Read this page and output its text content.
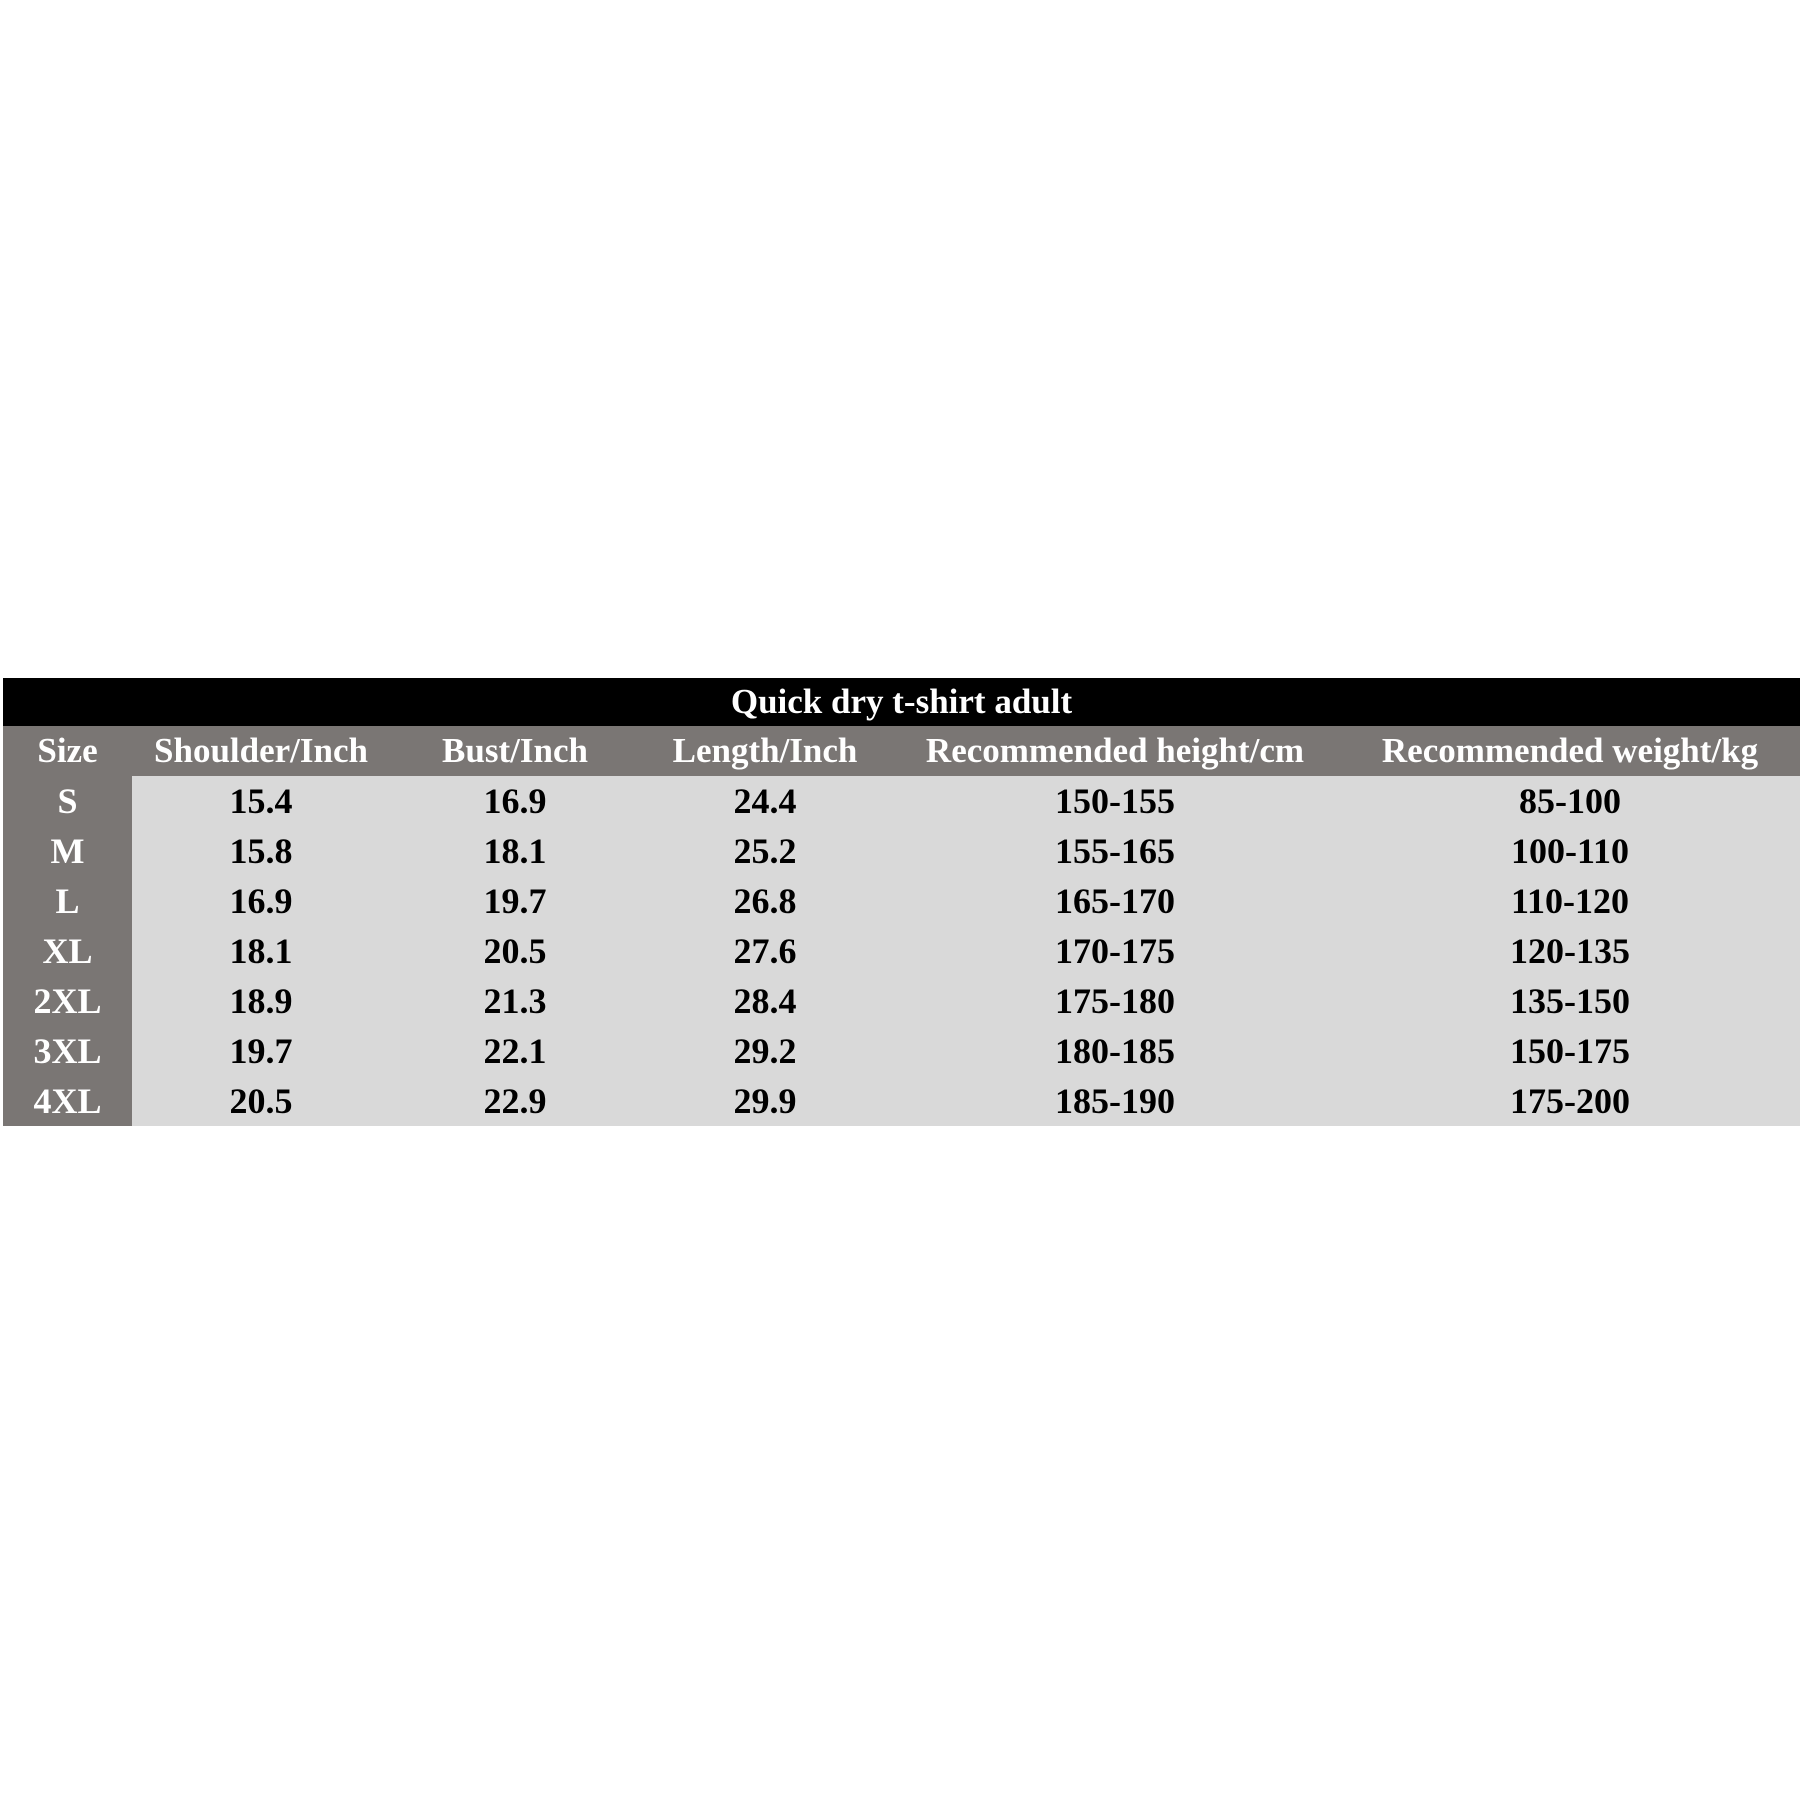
Quick dry t-shirt adult
Size	Shoulder/Inch	Bust/Inch	Length/Inch	Recommended height/cm	Recommended weight/kg
S	15.4	16.9	24.4	150-155	85-100
M	15.8	18.1	25.2	155-165	100-110
L	16.9	19.7	26.8	165-170	110-120
XL	18.1	20.5	27.6	170-175	120-135
2XL	18.9	21.3	28.4	175-180	135-150
3XL	19.7	22.1	29.2	180-185	150-175
4XL	20.5	22.9	29.9	185-190	175-200
